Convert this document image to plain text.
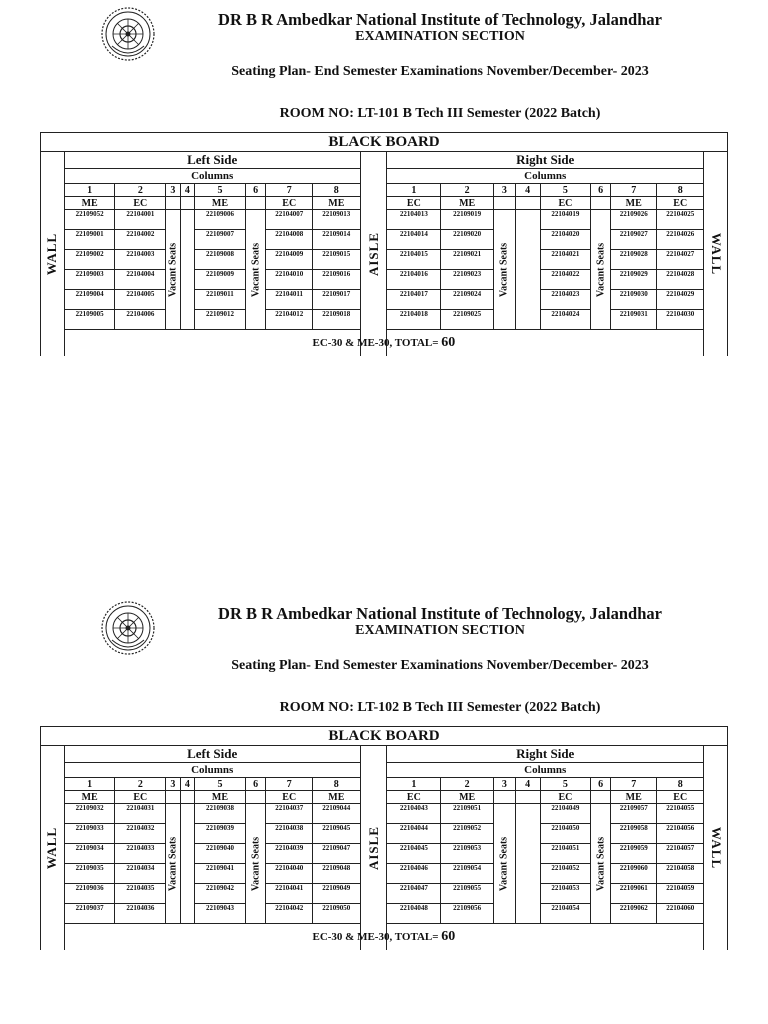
DR B R Ambedkar National Institute of Technology, Jalandhar
EXAMINATION SECTION
Seating Plan- End Semester Examinations November/December- 2023
ROOM NO: LT-101 B Tech III Semester (2022 Batch)
BLACK BOARD																		

WALL	Left Side								AISLE	Right Side								WALL

	Columns									Columns								
	1	2	3	4	5	6	7	8		1	2	3	4	5	6	7	8	
	ME	EC			ME		EC	ME		EC	ME			EC		ME	EC	
	22109052	22104001	Vacant Seats		22109006	Vacant Seats	22104007	22109013		22104013	22109019	Vacant Seats		22104019	Vacant Seats	22109026	22104025	
	22109001	22104002			22109007		22104008	22109014		22104014	22109020			22104020		22109027	22104026	
	22109002	22104003			22109008		22104009	22109015		22104015	22109021			22104021		22109028	22104027	
	22109003	22104004			22109009		22104010	22109016		22104016	22109023			22104022		22109029	22104028	
	22109004	22104005			22109011		22104011	22109017		22104017	22109024			22104023		22109030	22104029	
	22109005	22104006			22109012		22104012	22109018		22104018	22109025			22104024		22109031	22104030	
	EC-30 & ME-30, TOTAL= 60																	
DR B R Ambedkar National Institute of Technology, Jalandhar
EXAMINATION SECTION
Seating Plan- End Semester Examinations November/December- 2023
ROOM NO: LT-102 B Tech III Semester (2022 Batch)
BLACK BOARD																		

WALL	Left Side								AISLE	Right Side								WALL

	Columns									Columns								
	1	2	3	4	5	6	7	8		1	2	3	4	5	6	7	8	
	ME	EC			ME		EC	ME		EC	ME			EC		ME	EC	
	22109032	22104031	Vacant Seats		22109038	Vacant Seats	22104037	22109044		22104043	22109051	Vacant Seats		22104049	Vacant Seats	22109057	22104055	
	22109033	22104032			22109039		22104038	22109045		22104044	22109052			22104050		22109058	22104056	
	22109034	22104033			22109040		22104039	22109047		22104045	22109053			22104051		22109059	22104057	
	22109035	22104034			22109041		22104040	22109048		22104046	22109054			22104052		22109060	22104058	
	22109036	22104035			22109042		22104041	22109049		22104047	22109055			22104053		22109061	22104059	
	22109037	22104036			22109043		22104042	22109050		22104048	22109056			22104054		22109062	22104060	
	EC-30 & ME-30, TOTAL= 60																	
